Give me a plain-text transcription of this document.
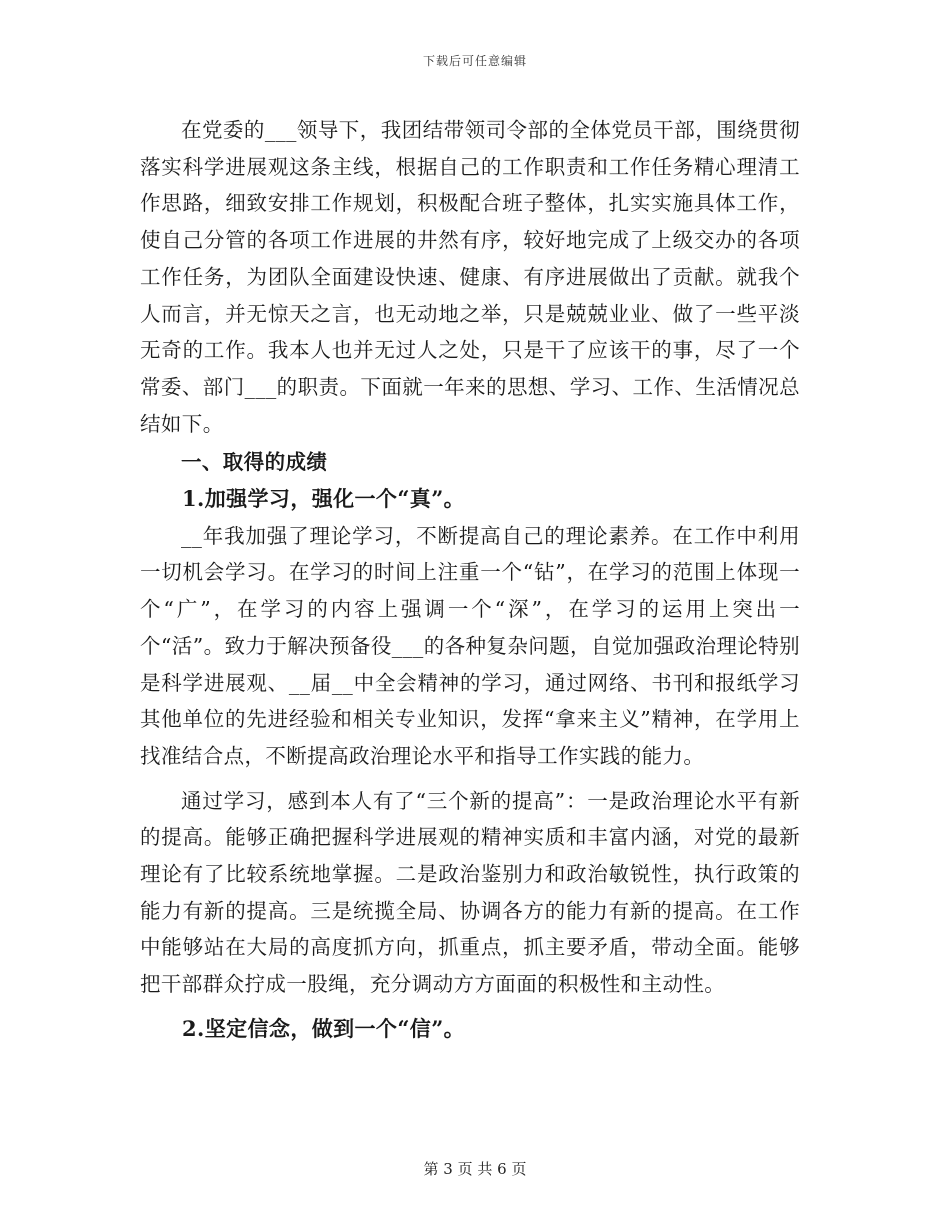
下载后可任意编辑

在党委的___领导下，我团结带领司令部的全体党员干部，围绕贯彻落实科学进展观这条主线，根据自己的工作职责和工作任务精心理清工作思路，细致安排工作规划，积极配合班子整体，扎实实施具体工作，使自己分管的各项工作进展的井然有序，较好地完成了上级交办的各项工作任务，为团队全面建设快速、健康、有序进展做出了贡献。就我个人而言，并无惊天之言，也无动地之举，只是兢兢业业、做了一些平淡无奇的工作。我本人也并无过人之处，只是干了应该干的事，尽了一个常委、部门___的职责。下面就一年来的思想、学习、工作、生活情况总结如下。

一、取得的成绩
1.加强学习，强化一个“真”。

__年我加强了理论学习，不断提高自己的理论素养。在工作中利用一切机会学习。在学习的时间上注重一个“钻”，在学习的范围上体现一个“广”，在学习的内容上强调一个“深”，在学习的运用上突出一个“活”。致力于解决预备役___的各种复杂问题，自觉加强政治理论特别是科学进展观、__届__中全会精神的学习，通过网络、书刊和报纸学习其他单位的先进经验和相关专业知识，发挥“拿来主义”精神，在学用上找准结合点，不断提高政治理论水平和指导工作实践的能力。

通过学习，感到本人有了“三个新的提高”：一是政治理论水平有新的提高。能够正确把握科学进展观的精神实质和丰富内涵，对党的最新理论有了比较系统地掌握。二是政治鉴别力和政治敏锐性，执行政策的能力有新的提高。三是统揽全局、协调各方的能力有新的提高。在工作中能够站在大局的高度抓方向，抓重点，抓主要矛盾，带动全面。能够把干部群众拧成一股绳，充分调动方方面面的积极性和主动性。

2.坚定信念，做到一个“信”。
第 3 页 共 6 页
